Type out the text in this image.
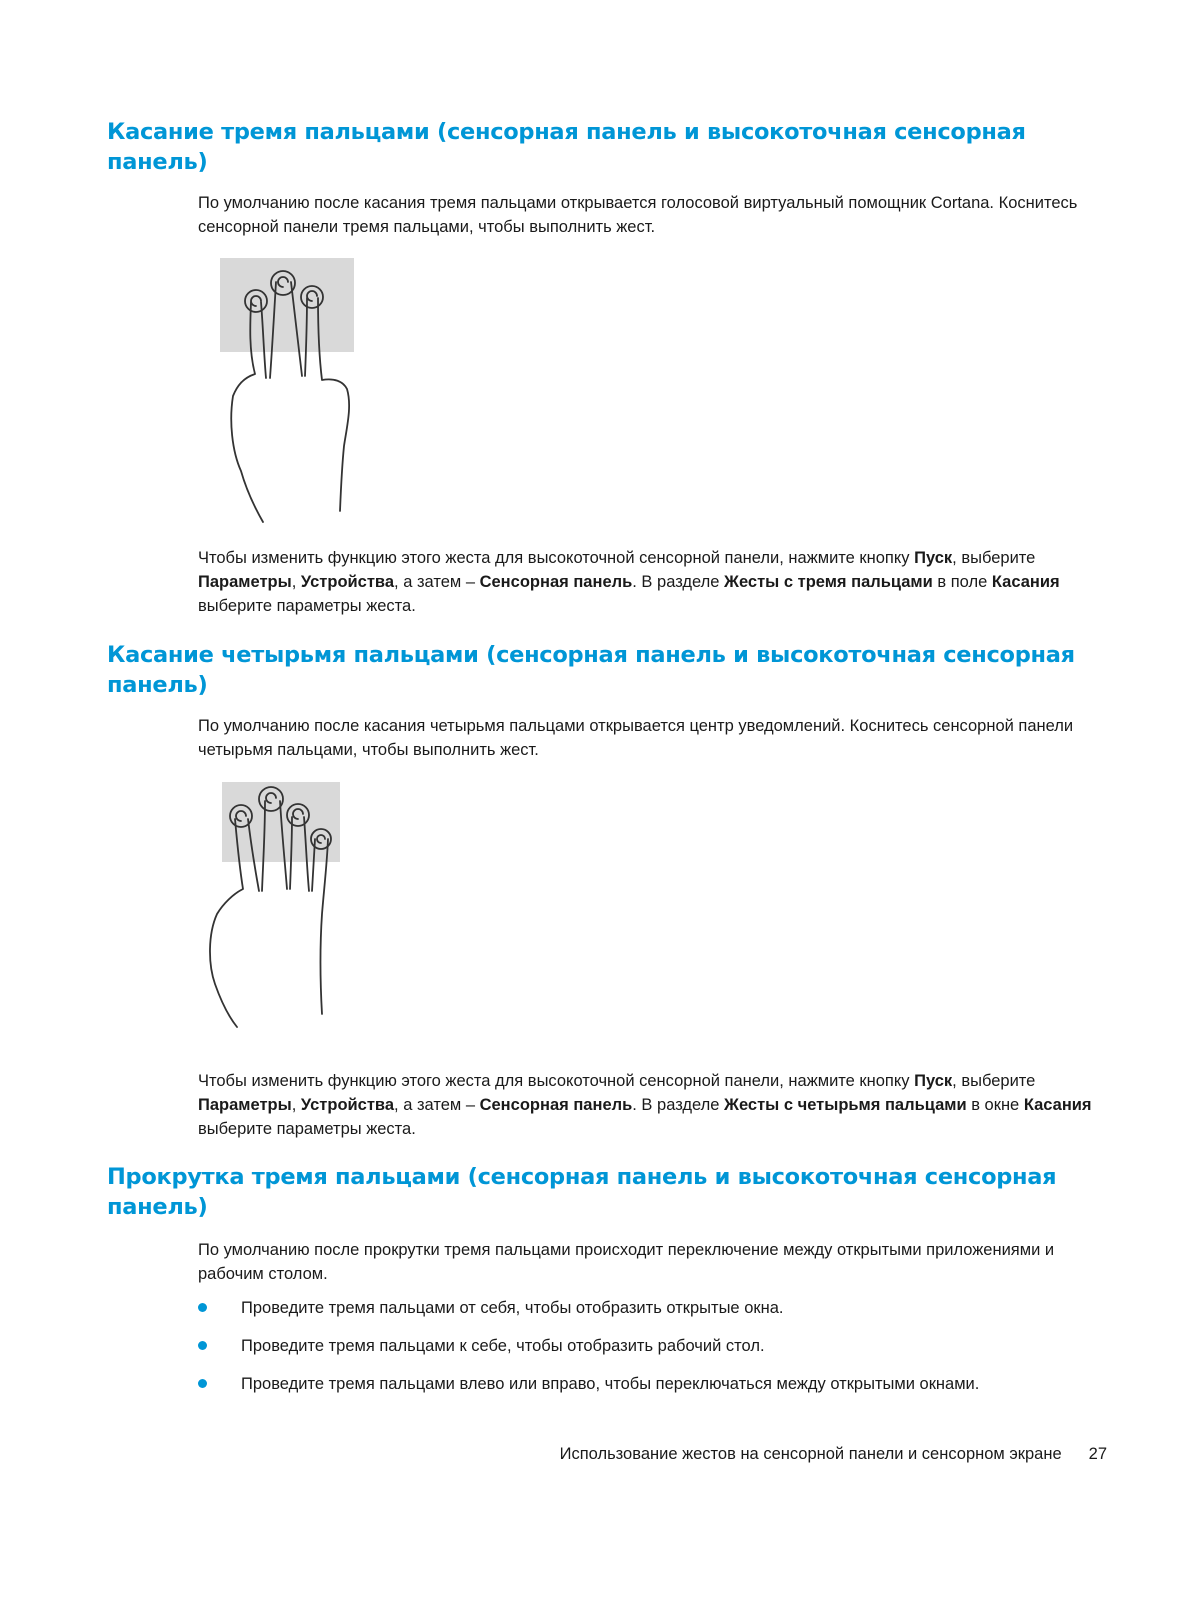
Касание тремя пальцами (сенсорная панель и высокоточная сенсорная панель)

По умолчанию после касания тремя пальцами открывается голосовой виртуальный помощник Cortana. Коснитесь сенсорной панели тремя пальцами, чтобы выполнить жест.

Чтобы изменить функцию этого жеста для высокоточной сенсорной панели, нажмите кнопку Пуск, выберите Параметры, Устройства, а затем – Сенсорная панель. В разделе Жесты с тремя пальцами в поле Касания выберите параметры жеста.

Касание четырьмя пальцами (сенсорная панель и высокоточная сенсорная панель)

По умолчанию после касания четырьмя пальцами открывается центр уведомлений. Коснитесь сенсорной панели четырьмя пальцами, чтобы выполнить жест.

Чтобы изменить функцию этого жеста для высокоточной сенсорной панели, нажмите кнопку Пуск, выберите Параметры, Устройства, а затем – Сенсорная панель. В разделе Жесты с четырьмя пальцами в окне Касания выберите параметры жеста.

Прокрутка тремя пальцами (сенсорная панель и высокоточная сенсорная панель)

По умолчанию после прокрутки тремя пальцами происходит переключение между открытыми приложениями и рабочим столом.

Проведите тремя пальцами от себя, чтобы отобразить открытые окна.
Проведите тремя пальцами к себе, чтобы отобразить рабочий стол.
Проведите тремя пальцами влево или вправо, чтобы переключаться между открытыми окнами.
Использование жестов на сенсорной панели и сенсорном экране 27
